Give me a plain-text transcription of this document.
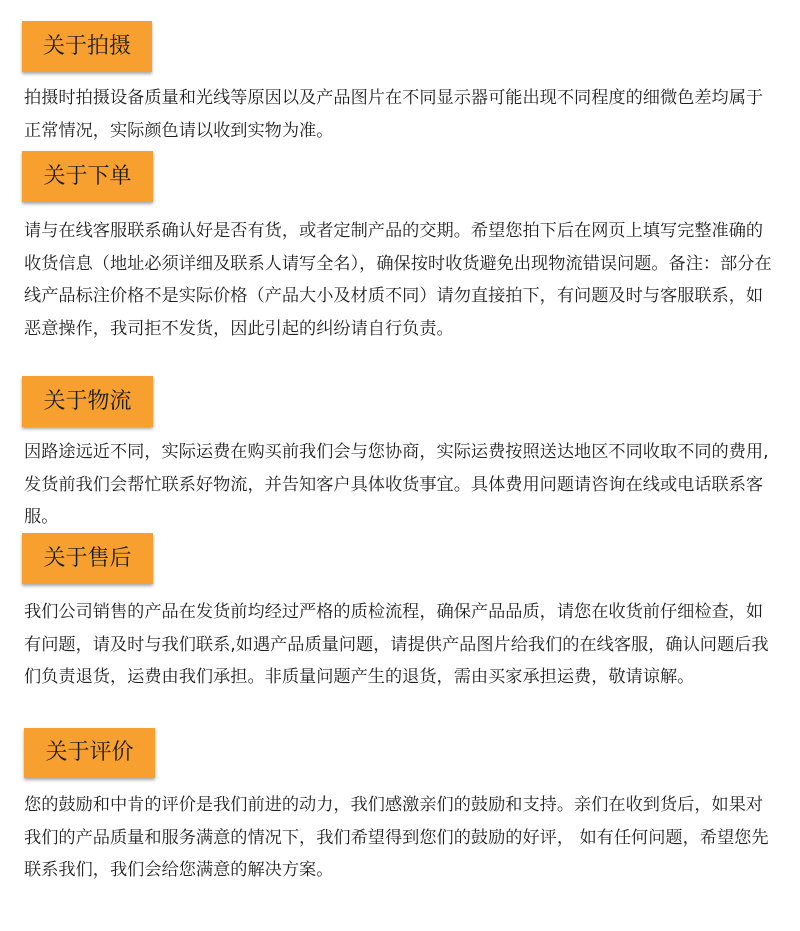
关于拍摄

拍摄时拍摄设备质量和光线等原因以及产品图片在不同显示器可能出现不同程度的细微色差均属于正常情况，实际颜色请以收到实物为准。

关于下单

请与在线客服联系确认好是否有货，或者定制产品的交期。希望您拍下后在网页上填写完整准确的收货信息（地址必须详细及联系人请写全名），确保按时收货避免出现物流错误问题。备注：部分在线产品标注价格不是实际价格（产品大小及材质不同）请勿直接拍下，有问题及时与客服联系，如恶意操作，我司拒不发货，因此引起的纠纷请自行负责。

关于物流

因路途远近不同，实际运费在购买前我们会与您协商，实际运费按照送达地区不同收取不同的费用,发货前我们会帮忙联系好物流，并告知客户具体收货事宜。具体费用问题请咨询在线或电话联系客服。

关于售后

我们公司销售的产品在发货前均经过严格的质检流程，确保产品品质，请您在收货前仔细检查，如有问题，请及时与我们联系,如遇产品质量问题，请提供产品图片给我们的在线客服，确认问题后我们负责退货，运费由我们承担。非质量问题产生的退货，需由买家承担运费，敬请谅解。

关于评价

您的鼓励和中肯的评价是我们前进的动力，我们感激亲们的鼓励和支持。亲们在收到货后，如果对我们的产品质量和服务满意的情况下，我们希望得到您们的鼓励的好评， 如有任何问题，希望您先联系我们，我们会给您满意的解决方案。
